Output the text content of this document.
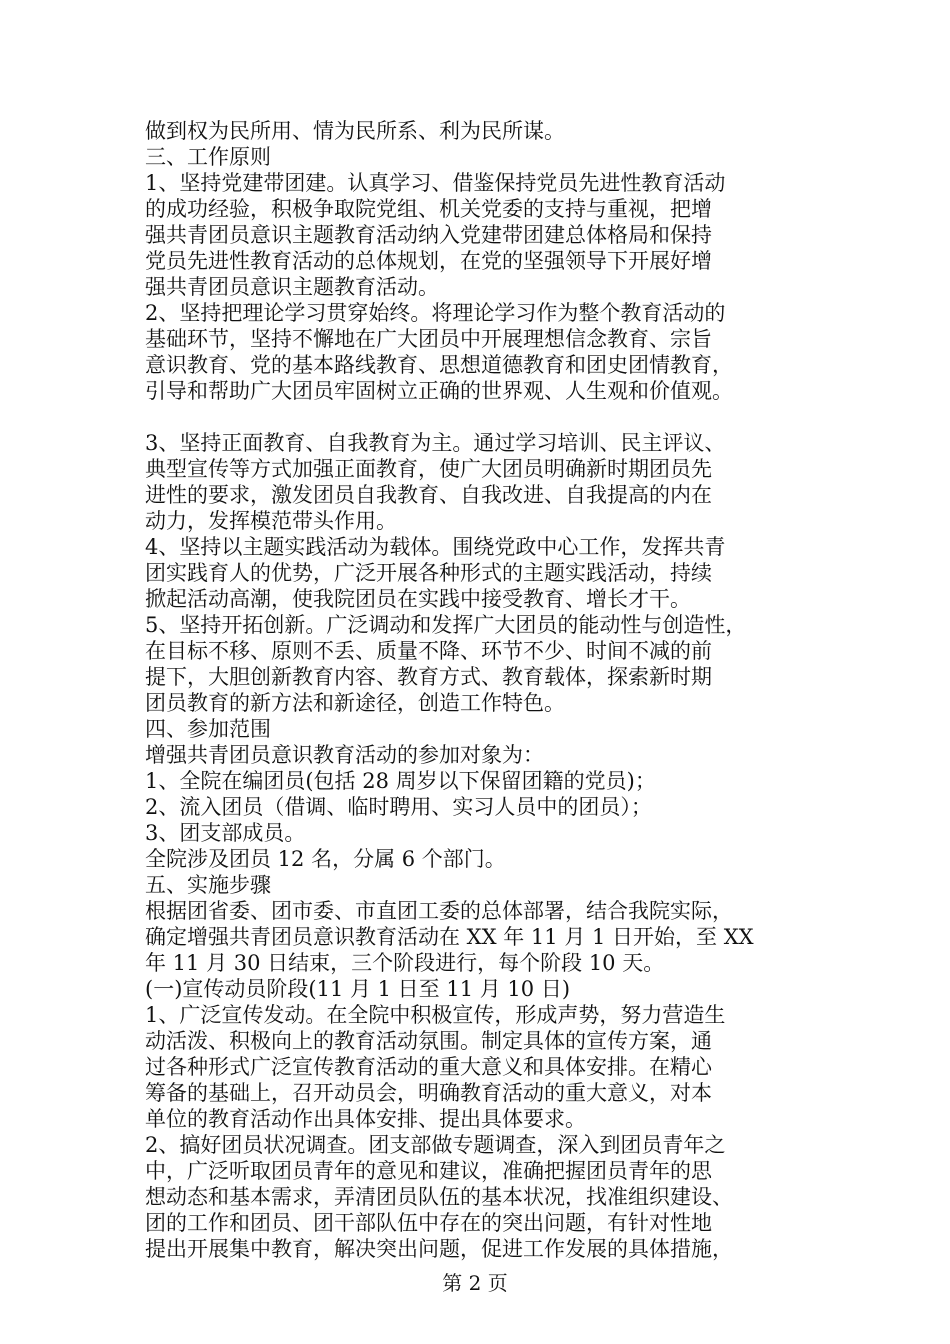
做到权为民所用、情为民所系、利为民所谋。
三、工作原则
1、坚持党建带团建。认真学习、借鉴保持党员先进性教育活动
的成功经验，积极争取院党组、机关党委的支持与重视，把增
强共青团员意识主题教育活动纳入党建带团建总体格局和保持
党员先进性教育活动的总体规划，在党的坚强领导下开展好增
强共青团员意识主题教育活动。
2、坚持把理论学习贯穿始终。将理论学习作为整个教育活动的
基础环节，坚持不懈地在广大团员中开展理想信念教育、宗旨
意识教育、党的基本路线教育、思想道德教育和团史团情教育，
引导和帮助广大团员牢固树立正确的世界观、人生观和价值观。
3、坚持正面教育、自我教育为主。通过学习培训、民主评议、
典型宣传等方式加强正面教育，使广大团员明确新时期团员先
进性的要求，激发团员自我教育、自我改进、自我提高的内在
动力，发挥模范带头作用。
4、坚持以主题实践活动为载体。围绕党政中心工作，发挥共青
团实践育人的优势，广泛开展各种形式的主题实践活动，持续
掀起活动高潮，使我院团员在实践中接受教育、增长才干。
5、坚持开拓创新。广泛调动和发挥广大团员的能动性与创造性，
在目标不移、原则不丢、质量不降、环节不少、时间不减的前
提下，大胆创新教育内容、教育方式、教育载体，探索新时期
团员教育的新方法和新途径，创造工作特色。
四、参加范围
增强共青团员意识教育活动的参加对象为：
1、全院在编团员(包括 28 周岁以下保留团籍的党员)；
2、流入团员（借调、临时聘用、实习人员中的团员）；
3、团支部成员。
全院涉及团员 12 名，分属 6 个部门。
五、实施步骤
根据团省委、团市委、市直团工委的总体部署，结合我院实际，
确定增强共青团员意识教育活动在 XX 年 11 月 1 日开始，至 XX
年 11 月 30 日结束，三个阶段进行，每个阶段 10 天。
(一)宣传动员阶段(11 月 1 日至 11 月 10 日)
1、广泛宣传发动。在全院中积极宣传，形成声势，努力营造生
动活泼、积极向上的教育活动氛围。制定具体的宣传方案，通
过各种形式广泛宣传教育活动的重大意义和具体安排。在精心
筹备的基础上，召开动员会，明确教育活动的重大意义，对本
单位的教育活动作出具体安排、提出具体要求。
2、搞好团员状况调查。团支部做专题调查，深入到团员青年之
中，广泛听取团员青年的意见和建议，准确把握团员青年的思
想动态和基本需求，弄清团员队伍的基本状况，找准组织建设、
团的工作和团员、团干部队伍中存在的突出问题，有针对性地
提出开展集中教育，解决突出问题，促进工作发展的具体措施，
第 2 页
